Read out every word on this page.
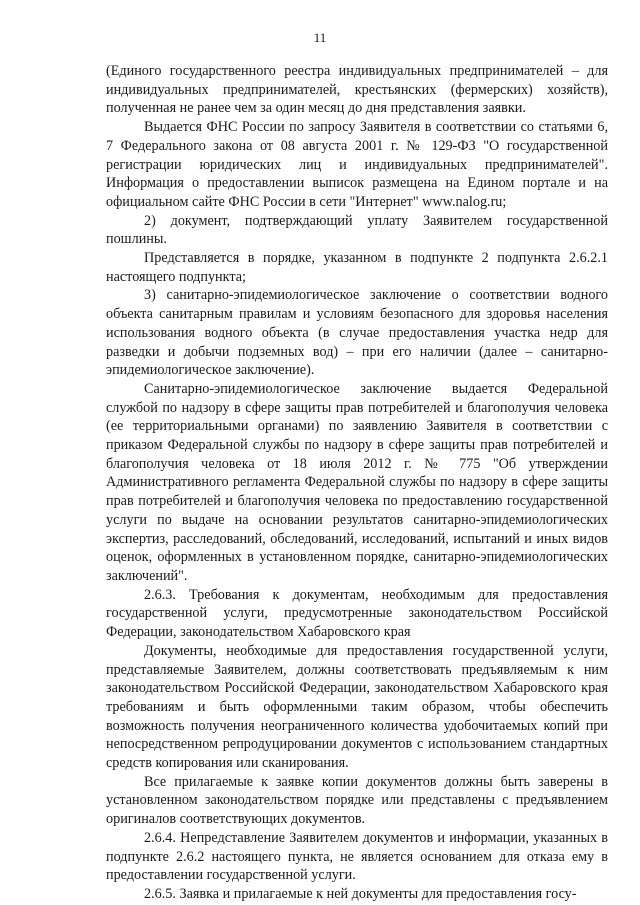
11

(Единого государственного реестра индивидуальных предпринимателей – для индивидуальных предпринимателей, крестьянских (фермерских) хозяйств), полученная не ранее чем за один месяц до дня представления заявки.

Выдается ФНС России по запросу Заявителя в соответствии со статьями 6, 7 Федерального закона от 08 августа 2001 г. № 129-ФЗ "О государственной регистрации юридических лиц и индивидуальных предпринимателей". Информация о предоставлении выписок размещена на Едином портале и на официальном сайте ФНС России в сети "Интернет" www.nalog.ru;

2) документ, подтверждающий уплату Заявителем государственной пошлины.

Представляется в порядке, указанном в подпункте 2 подпункта 2.6.2.1 настоящего подпункта;

3) санитарно-эпидемиологическое заключение о соответствии водного объекта санитарным правилам и условиям безопасного для здоровья населения использования водного объекта (в случае предоставления участка недр для разведки и добычи подземных вод) – при его наличии (далее – санитарно-эпидемиологическое заключение).

Санитарно-эпидемиологическое заключение выдается Федеральной службой по надзору в сфере защиты прав потребителей и благополучия человека (ее территориальными органами) по заявлению Заявителя в соответствии с приказом Федеральной службы по надзору в сфере защиты прав потребителей и благополучия человека от 18 июля 2012 г. № 775 "Об утверждении Административного регламента Федеральной службы по надзору в сфере защиты прав потребителей и благополучия человека по предоставлению государственной услуги по выдаче на основании результатов санитарно-эпидемиологических экспертиз, расследований, обследований, исследований, испытаний и иных видов оценок, оформленных в установленном порядке, санитарно-эпидемиологических заключений".

2.6.3. Требования к документам, необходимым для предоставления государственной услуги, предусмотренные законодательством Российской Федерации, законодательством Хабаровского края

Документы, необходимые для предоставления государственной услуги, представляемые Заявителем, должны соответствовать предъявляемым к ним законодательством Российской Федерации, законодательством Хабаровского края требованиям и быть оформленными таким образом, чтобы обеспечить возможность получения неограниченного количества удобочитаемых копий при непосредственном репродуцировании документов с использованием стандартных средств копирования или сканирования.

Все прилагаемые к заявке копии документов должны быть заверены в установленном законодательством порядке или представлены с предъявлением оригиналов соответствующих документов.

2.6.4. Непредставление Заявителем документов и информации, указанных в подпункте 2.6.2 настоящего пункта, не является основанием для отказа ему в предоставлении государственной услуги.

2.6.5. Заявка и прилагаемые к ней документы для предоставления госу-
